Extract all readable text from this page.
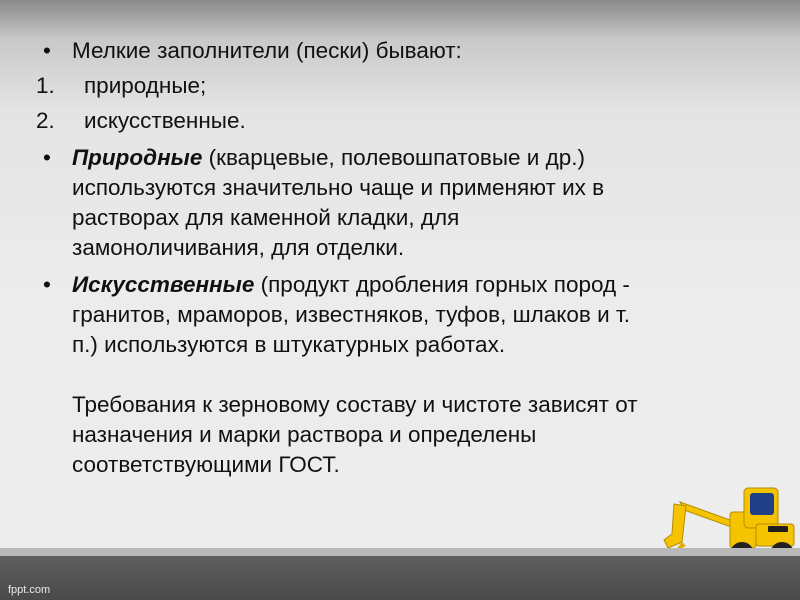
• Мелкие заполнители (пески) бывают:
1. природные;
2. искусственные.
• Природные (кварцевые, полевошпатовые и др.)
используются значительно чаще и применяют их в
растворах для каменной кладки, для
замоноличивания, для отделки.
• Искусственные (продукт дробления горных пород -
гранитов, мраморов, известняков, туфов, шлаков и т.
п.) используются в штукатурных работах.
Требования к зерновому составу и чистоте зависят от
назначения и марки раствора и определены
соответствующими ГОСТ.
fppt.com
